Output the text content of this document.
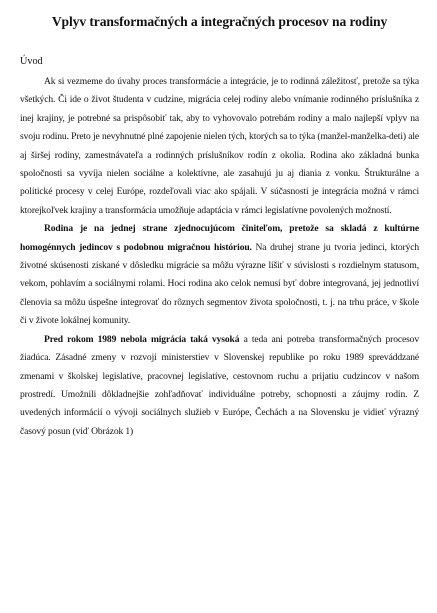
Vplyv transformačných a integračných procesov na rodiny
Úvod

Ak si vezmeme do úvahy proces transformácie a integrácie, je to rodinná záležitosť, pretože sa týka všetkých. Či ide o život študenta v cudzine, migrácia celej rodiny alebo vnímanie rodinného príslušníka z inej krajiny, je potrebné sa prispôsobiť tak, aby to vyhovovalo potrebám rodiny a malo najlepší vplyv na svoju rodinu. Preto je nevyhnutné plné zapojenie nielen tých, ktorých sa to týka (manžel-manželka-deti) ale aj širšej rodiny, zamestnávateľa a rodinných príslušníkov rodín z okolia. Rodina ako základná bunka spoločnosti sa vyvíja nielen sociálne a kolektívne, ale zasahujú ju aj diania z vonku. Štrukturálne a politické procesy v celej Európe, rozdeľovali viac ako spájali. V súčasnosti je integrácia možná v rámci ktorejkoľvek krajiny a transformácia umožňuje adaptácia v rámci legislatívne povolených možností.

Rodina je na jednej strane zjednocujúcom činiteľom, pretože sa skladá z kultúrne homogénnych jedincov s podobnou migračnou históriou. Na druhej strane ju tvoria jedinci, ktorých životné skúsenosti získané v dôsledku migrácie sa môžu výrazne líšiť v súvislosti s rozdielnym statusom, vekom, pohlavím a sociálnymi rolami. Hoci rodina ako celok nemusí byť dobre integrovaná, jej jednotliví členovia sa môžu úspešne integrovať do rôznych segmentov života spoločnosti, t. j. na trhu práce, v škole či v živote lokálnej komunity.

Pred rokom 1989 nebola migrácia taká vysoká a teda ani potreba transformačných procesov žiadúca. Zásadné zmeny v rozvoji ministerstiev v Slovenskej republike po roku 1989 spreváddzané zmenami v školskej legislatíve, pracovnej legislatíve, cestovnom ruchu a prijatiu cudzincov v našom prostredí. Umožnili dôkladnejšie zohľadňovať individuálne potreby, schopnosti a záujmy rodín. Z uvedených informácií o vývoji sociálnych služieb v Európe, Čechách a na Slovensku je vidieť výrazný časový posun (viď Obrázok 1)
